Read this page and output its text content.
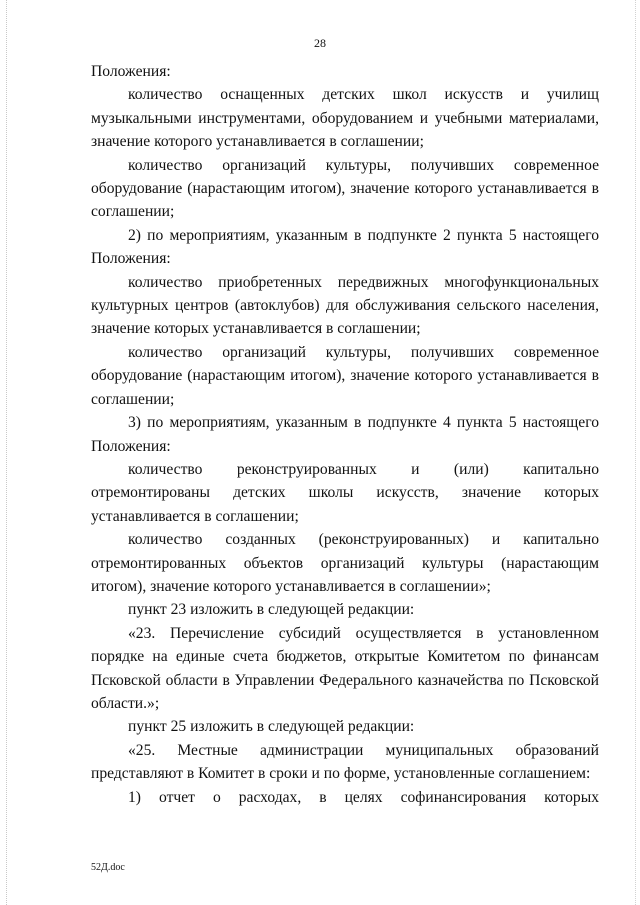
28

Положения:

количество оснащенных детских школ искусств и училищ музыкальными инструментами, оборудованием и учебными материалами, значение которого устанавливается в соглашении;

количество организаций культуры, получивших современное оборудование (нарастающим итогом), значение которого устанавливается в соглашении;

2) по мероприятиям, указанным в подпункте 2 пункта 5 настоящего Положения:

количество приобретенных передвижных многофункциональных культурных центров (автоклубов) для обслуживания сельского населения, значение которых устанавливается в соглашении;

количество организаций культуры, получивших современное оборудование (нарастающим итогом), значение которого устанавливается в соглашении;

3) по мероприятиям, указанным в подпункте 4 пункта 5 настоящего Положения:

количество реконструированных и (или) капитально отремонтированы детских школы искусств, значение которых устанавливается в соглашении;

количество созданных (реконструированных) и капитально отремонтированных объектов организаций культуры (нарастающим итогом), значение которого устанавливается в соглашении»;

пункт 23 изложить в следующей редакции:

«23. Перечисление субсидий осуществляется в установленном порядке на единые счета бюджетов, открытые Комитетом по финансам Псковской области в Управлении Федерального казначейства по Псковской области.»;

пункт 25 изложить в следующей редакции:

«25. Местные администрации муниципальных образований представляют в Комитет в сроки и по форме, установленные соглашением:

1) отчет о расходах, в целях софинансирования которых

52Д.doc
